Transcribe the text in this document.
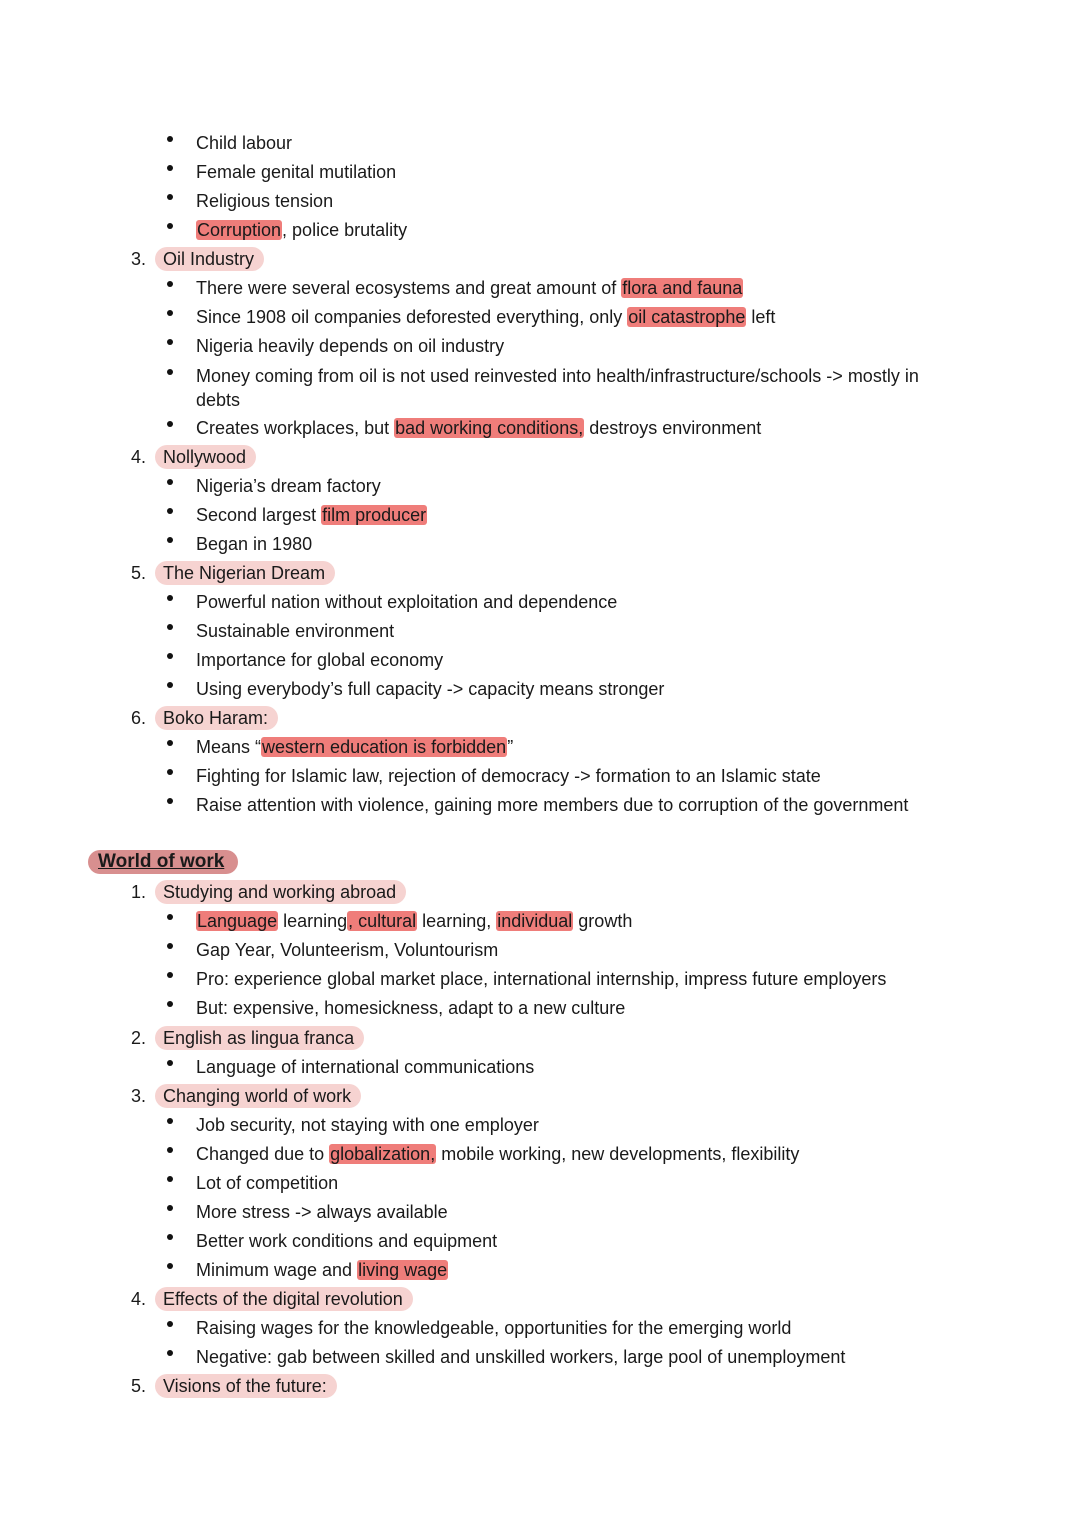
Child labour
Female genital mutilation
Religious tension
Corruption, police brutality
3. Oil Industry
There were several ecosystems and great amount of flora and fauna
Since 1908 oil companies deforested everything, only oil catastrophe left
Nigeria heavily depends on oil industry
Money coming from oil is not used reinvested into health/infrastructure/schools -> mostly in debts
Creates workplaces, but bad working conditions, destroys environment
4. Nollywood
Nigeria’s dream factory
Second largest film producer
Began in 1980
5. The Nigerian Dream
Powerful nation without exploitation and dependence
Sustainable environment
Importance for global economy
Using everybody’s full capacity -> capacity means stronger
6. Boko Haram:
Means “western education is forbidden”
Fighting for Islamic law, rejection of democracy -> formation to an Islamic state
Raise attention with violence, gaining more members due to corruption of the government
World of work
1. Studying and working abroad
Language learning, cultural learning, individual growth
Gap Year, Volunteerism, Voluntourism
Pro: experience global market place, international internship, impress future employers
But: expensive, homesickness, adapt to a new culture
2. English as lingua franca
Language of international communications
3. Changing world of work
Job security, not staying with one employer
Changed due to globalization, mobile working, new developments, flexibility
Lot of competition
More stress -> always available
Better work conditions and equipment
Minimum wage and living wage
4. Effects of the digital revolution
Raising wages for the knowledgeable, opportunities for the emerging world
Negative: gab between skilled and unskilled workers, large pool of unemployment
5. Visions of the future:
